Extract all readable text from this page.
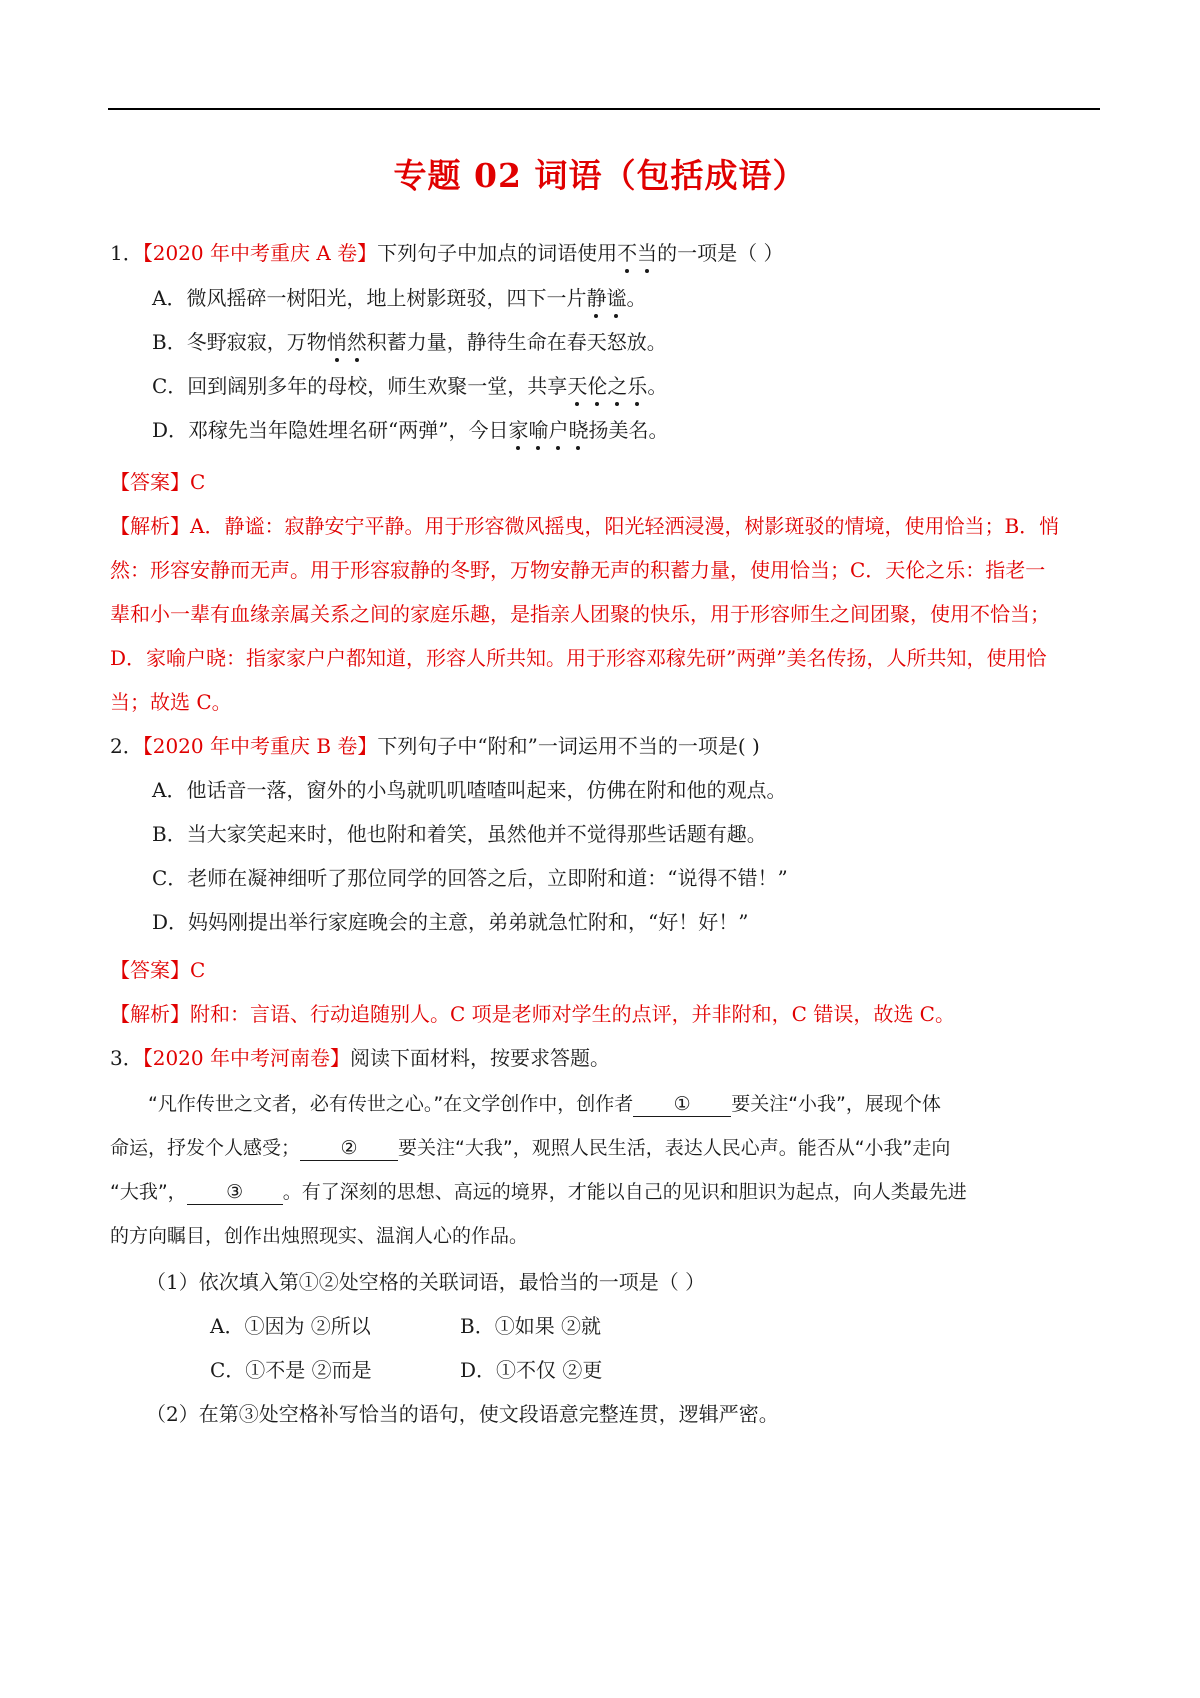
专题 02 词语（包括成语）
1．【2020 年中考重庆 A 卷】下列句子中加点的词语使用不当的一项是（ ）
A．微风摇碎一树阳光，地上树影斑驳，四下一片静谧。
B．冬野寂寂，万物悄然积蓄力量，静待生命在春天怒放。
C．回到阔别多年的母校，师生欢聚一堂，共享天伦之乐。
D．邓稼先当年隐姓埋名研“两弹”，今日家喻户晓扬美名。
【答案】C
【解析】A．静谧：寂静安宁平静。用于形容微风摇曳，阳光轻洒浸漫，树影斑驳的情境，使用恰当；B．悄
然：形容安静而无声。用于形容寂静的冬野，万物安静无声的积蓄力量，使用恰当；C．天伦之乐：指老一
辈和小一辈有血缘亲属关系之间的家庭乐趣，是指亲人团聚的快乐，用于形容师生之间团聚，使用不恰当；
D．家喻户晓：指家家户户都知道，形容人所共知。用于形容邓稼先研”两弹”美名传扬，人所共知，使用恰
当；故选 C。
2．【2020 年中考重庆 B 卷】下列句子中“附和”一词运用不当的一项是( )
A．他话音一落，窗外的小鸟就叽叽喳喳叫起来，仿佛在附和他的观点。
B．当大家笑起来时，他也附和着笑，虽然他并不觉得那些话题有趣。
C．老师在凝神细听了那位同学的回答之后，立即附和道：“说得不错！”
D．妈妈刚提出举行家庭晚会的主意，弟弟就急忙附和，“好！好！”
【答案】C
【解析】附和：言语、行动追随别人。C 项是老师对学生的点评，并非附和，C 错误，故选 C。
3．【2020 年中考河南卷】阅读下面材料，按要求答题。
“凡作传世之文者，必有传世之心。”在文学创作中，创作者 ① 要关注“小我”，展现个体
命运，抒发个人感受； ② 要关注“大我”，观照人民生活，表达人民心声。能否从“小我”走向
“大我”， ③ 。有了深刻的思想、高远的境界，才能以自己的见识和胆识为起点，向人类最先进
的方向瞩目，创作出烛照现实、温润人心的作品。
（1）依次填入第①②处空格的关联词语，最恰当的一项是（ ）
A．①因为 ②所以	B．①如果 ②就
C．①不是 ②而是	D．①不仅 ②更
（2）在第③处空格补写恰当的语句，使文段语意完整连贯，逻辑严密。
